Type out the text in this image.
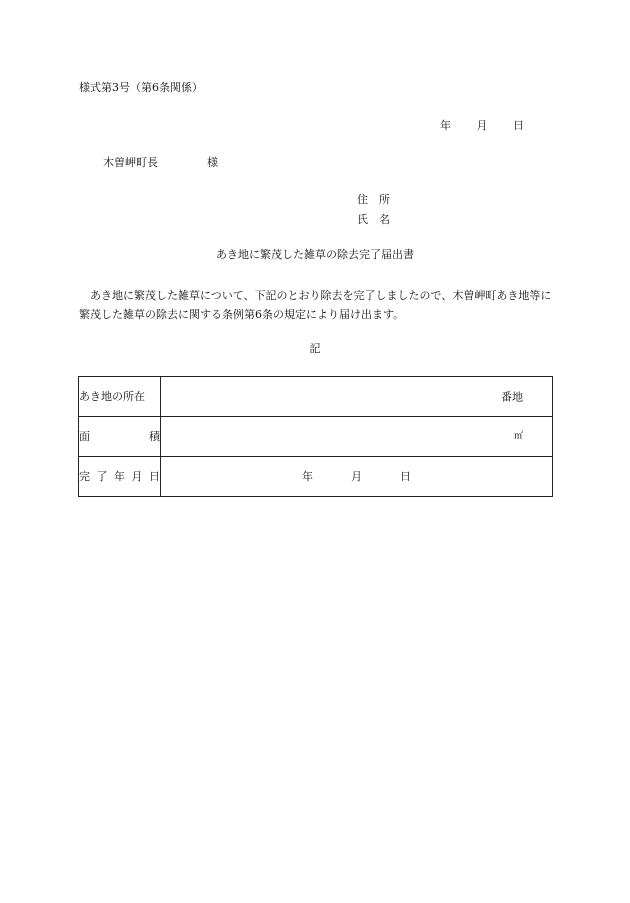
様式第3号（第6条関係）
年 月 日
木曽岬町長	様
住　所
氏　名
あき地に繁茂した雑草の除去完了届出書
あき地に繁茂した雑草について、下記のとおり除去を完了しましたので、木曽岬町あき地等に繁茂した雑草の除去に関する条例第6条の規定により届け出ます。
記
あき地の所在	番地

面 積	㎡

完 了 年 月 日	年 月 日
